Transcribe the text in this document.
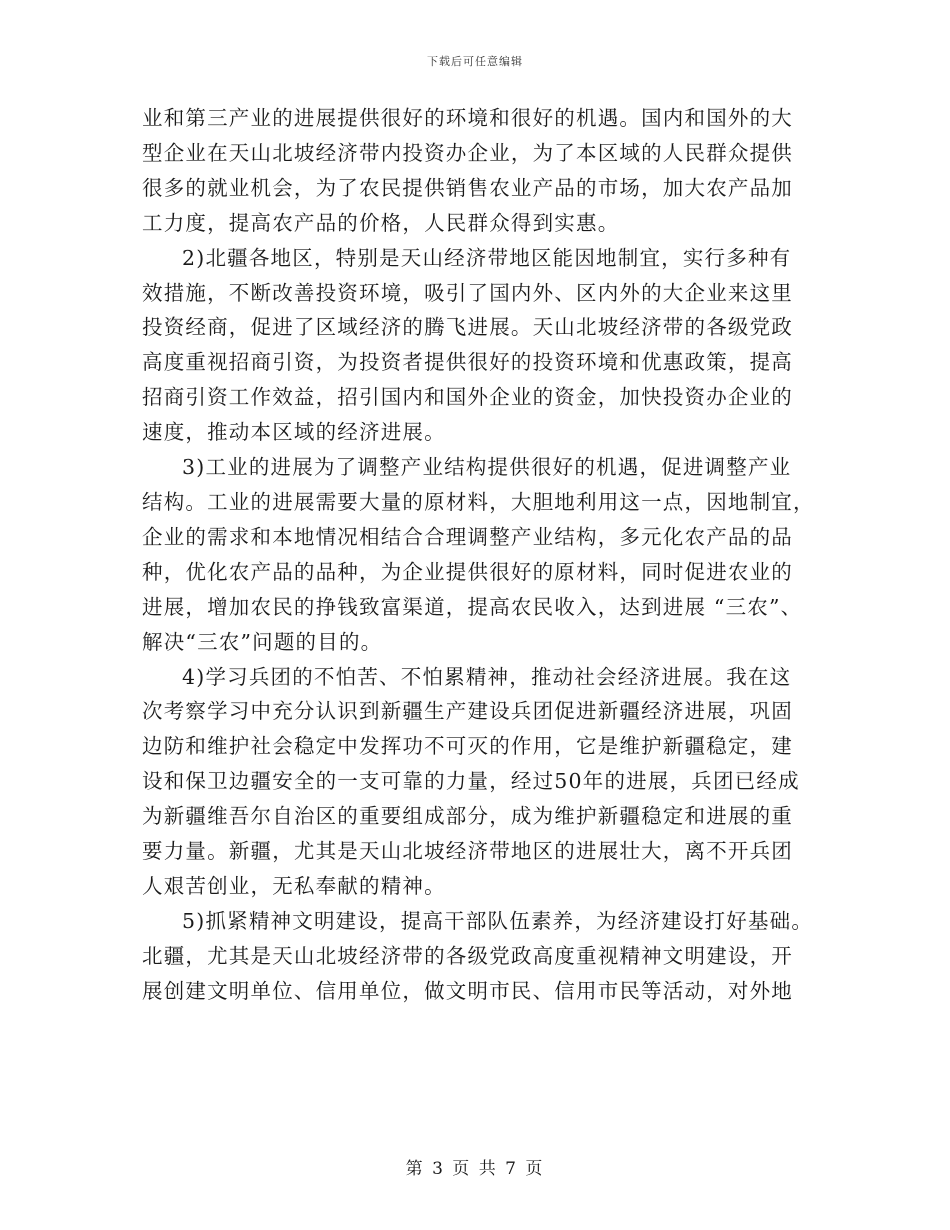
下载后可任意编辑
业和第三产业的进展提供很好的环境和很好的机遇。国内和国外的大
型企业在天山北坡经济带内投资办企业，为了本区域的人民群众提供
很多的就业机会，为了农民提供销售农业产品的市场，加大农产品加
工力度，提高农产品的价格，人民群众得到实惠。
2)北疆各地区，特别是天山经济带地区能因地制宜，实行多种有
效措施，不断改善投资环境，吸引了国内外、区内外的大企业来这里
投资经商，促进了区域经济的腾飞进展。天山北坡经济带的各级党政
高度重视招商引资，为投资者提供很好的投资环境和优惠政策，提高
招商引资工作效益，招引国内和国外企业的资金，加快投资办企业的
速度，推动本区域的经济进展。
3)工业的进展为了调整产业结构提供很好的机遇，促进调整产业
结构。工业的进展需要大量的原材料，大胆地利用这一点，因地制宜，
企业的需求和本地情况相结合合理调整产业结构，多元化农产品的品
种，优化农产品的品种，为企业提供很好的原材料，同时促进农业的
进展，增加农民的挣钱致富渠道，提高农民收入，达到进展 “三农”、
解决“三农”问题的目的。
4)学习兵团的不怕苦、不怕累精神，推动社会经济进展。我在这
次考察学习中充分认识到新疆生产建设兵团促进新疆经济进展，巩固
边防和维护社会稳定中发挥功不可灭的作用，它是维护新疆稳定，建
设和保卫边疆安全的一支可靠的力量，经过50年的进展，兵团已经成
为新疆维吾尔自治区的重要组成部分，成为维护新疆稳定和进展的重
要力量。新疆，尤其是天山北坡经济带地区的进展壮大，离不开兵团
人艰苦创业，无私奉献的精神。
5)抓紧精神文明建设，提高干部队伍素养，为经济建设打好基础。
北疆，尤其是天山北坡经济带的各级党政高度重视精神文明建设，开
展创建文明单位、信用单位，做文明市民、信用市民等活动，对外地
第 3 页 共 7 页
